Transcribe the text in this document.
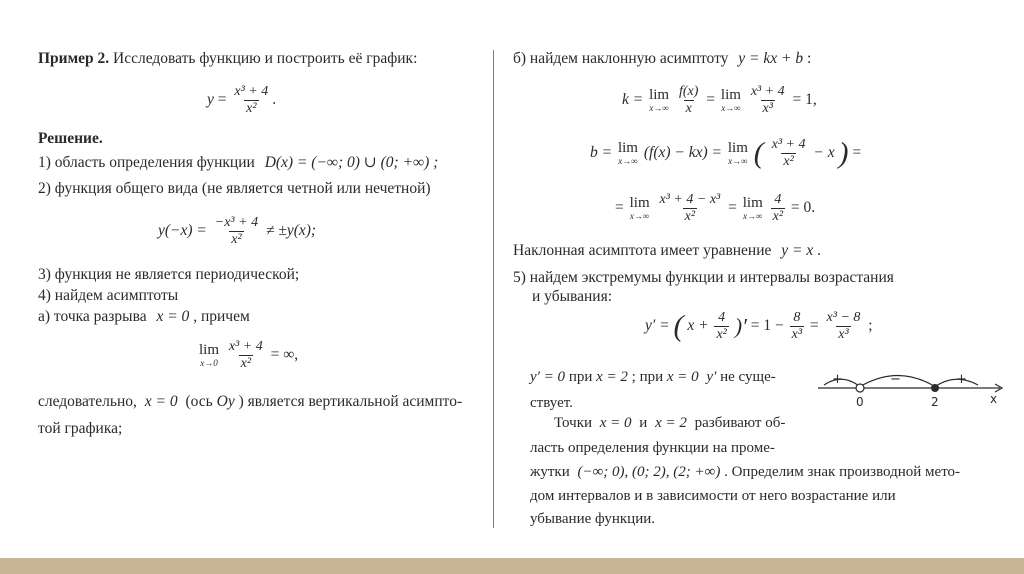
Пример 2. Исследовать функцию и построить её график:
$y = \frac{\text{x³ + 4}}{\text{x²}}$ .
Решение.
1) область определения функции D(x) = (−∞; 0) ∪ (0; +∞) ;
2) функция общего вида (не является четной или нечетной)
$y(-x) = \frac{\text{−x³ + 4}}{\text{x²}} \ne \pm y(x)$;
3) функция не является периодической;
4) найдем асимптоты
а) точка разрыва x = 0 , причем
lim
x→0
$\frac{\text{x³ + 4}}{\text{x²}}$ = ∞,
следовательно, x = 0 (ось Oy ) является вертикальной асимпто-
той графика;
б) найдем наклонную асимптоту y = kx + b :
k = lim
x→∞
$\frac{f(x)}{x} = \lim$
x→∞
$\frac{\text{x³ + 4}}{\text{x³}} = 1$,
b = lim
x→∞ (f(x) − kx) = lim
x→∞ ( $\frac{\text{x³ + 4}}{\text{x²}} - x$ ) =
= lim
x→∞
$\frac{\text{x³ + 4 − x³}}{\text{x²}} = \lim$
x→∞
$\frac{4}{\text{x²}} = 0$.
Наклонная асимптота имеет уравнение y = x .
5) найдем экстремумы функции и интервалы возрастания
и убывания:
y′ = ( $x + \frac{4}{\text{x²}}$ )′ = $1 - \frac{8}{\text{x³}} = \frac{\text{x³ − 8}}{\text{x³}}$ ;
y′ = 0 при x = 2 ; при x = 0 y′ не суще-
ствует.
+	−	+
0	2	x
Точки x = 0 и x = 2 разбивают об-
ласть определения функции на проме-
жутки (−∞; 0), (0; 2), (2; +∞) . Определим знак производной мето-
дом интервалов и в зависимости от него возрастание или
убывание функции.
